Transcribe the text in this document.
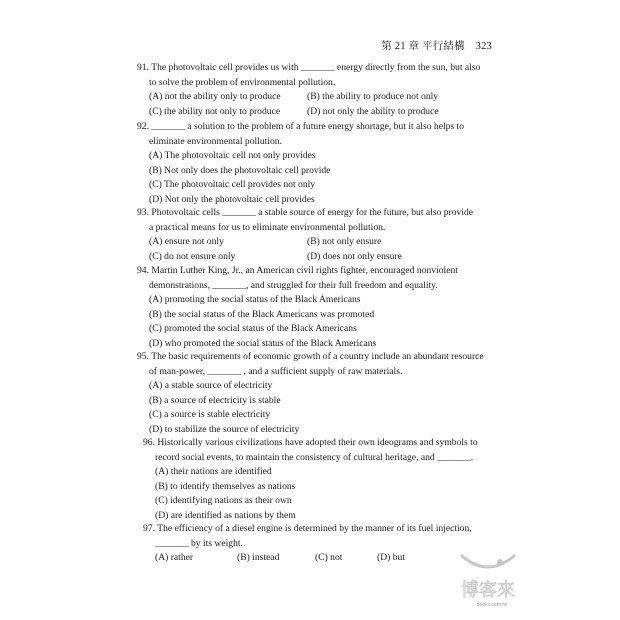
第 21 章 平行結構 323
91. The photovoltaic cell provides us with _______ energy directly from the sun, but also
to solve the problem of environmental pollution.
(A) not the ability only to produce	(B) the ability to produce not only
(C) the ability not only to produce	(D) not only the ability to produce
92. _______ a solution to the problem of a future energy shortage, but it also helps to
eliminate environmental pollution.
(A) The photovoltaic cell not only provides
(B) Not only does the photovoltaic cell provide
(C) The photovoltaic cell provides not only
(D) Not only the photovoltaic cell provides
93. Photovoltaic cells _______ a stable source of energy for the future, but also provide
a practical means for us to eliminate environmental pollution.
(A) ensure not only	(B) not only ensure
(C) do not ensure only	(D) does not only ensure
94. Martin Luther King, Jr., an American civil rights fighter, encouraged nonviolent
demonstrations, _______, and struggled for their full freedom and equality.
(A) promoting the social status of the Black Americans
(B) the social status of the Black Americans was promoted
(C) promoted the social status of the Black Americans
(D) who promoted the social status of the Black Americans
95. The basic requirements of economic growth of a country include an abundant resource
of man-power, _______ , and a sufficient supply of raw materials.
(A) a stable source of electricity
(B) a source of electricity is stable
(C) a source is stable electricity
(D) to stabilize the source of electricity
96. Historically various civilizations have adopted their own ideograms and symbols to
record social events, to maintain the consistency of cultural heritage, and _______.
(A) their nations are identified
(B) to identify themselves as nations
(C) identifying nations as their own
(D) are identified as nations by them
97. The efficiency of a diesel engine is determined by the manner of its fuel injection,
_______ by its weight.
(A) rather	(B) instead	(C) not	(D) but
博客來
books.com.tw
